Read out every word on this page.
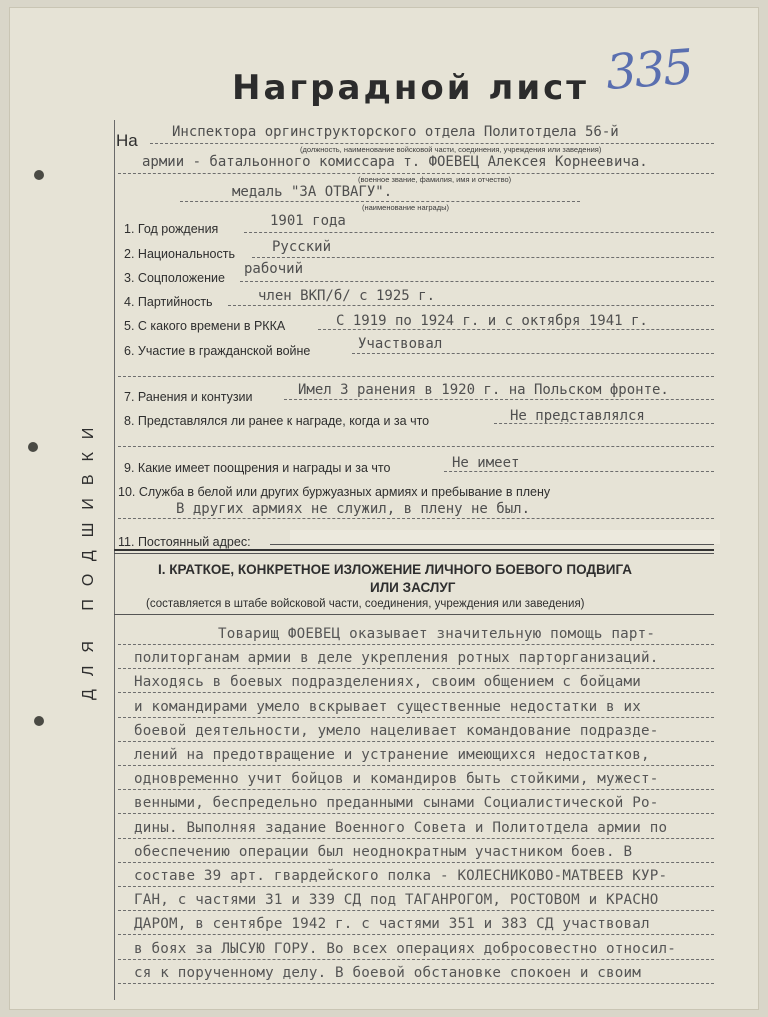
ДЛЯ ПОДШИВКИ
Наградной лист 335
На Инспектора оргинструкторского отдела Политотдела 56-й
(должность, наименование войсковой части, соединения, учреждения или заведения)
армии - батальонного комиссара т. ФОЕВЕЦ Алексея Корнеевича.
(военное звание, фамилия, имя и отчество)
медаль "ЗА ОТВАГУ".
(наименование награды)
1. Год рождения	1901 года
2. Национальность	Русский
3. Соцположение
рабочий
4. Партийность	член ВКП/б/ с 1925 г.
5. С какого времени в РККА	С 1919 по 1924 г. и с октября 1941 г.
6. Участие в гражданской войне	Участвовал
7. Ранения и контузии	Имел 3 ранения в 1920 г. на Польском фронте.
8. Представлялся ли ранее к награде, когда и за что	Не представлялся
9. Какие имеет поощрения и награды и за что	Не имеет
10. Служба в белой или других буржуазных армиях и пребывание в плену
В других армиях не служил, в плену не был.
11. Постоянный адрес:
I. КРАТКОЕ, КОНКРЕТНОЕ ИЗЛОЖЕНИЕ ЛИЧНОГО БОЕВОГО ПОДВИГА
ИЛИ ЗАСЛУГ
(составляется в штабе войсковой части, соединения, учреждения или заведения)
Товарищ ФОЕВЕЦ оказывает значительную помощь парт-
политорганам армии в деле укрепления ротных парторганизаций.
Находясь в боевых подразделениях, своим общением с бойцами
и командирами умело вскрывает существенные недостатки в их
боевой деятельности, умело нацеливает командование подразде-
лений на предотвращение и устранение имеющихся недостатков,
одновременно учит бойцов и командиров быть стойкими, мужест-
венными, беспредельно преданными сынами Социалистической Ро-
дины. Выполняя задание Военного Совета и Политотдела армии по
обеспечению операции был неоднократным участником боев. В
составе 39 арт. гвардейского полка - КОЛЕСНИКОВО-МАТВЕЕВ КУР-
ГАН, с частями 31 и 339 СД под ТАГАНРОГОМ, РОСТОВОМ и КРАСНО
ДАРОМ, в сентябре 1942 г. с частями 351 и 383 СД участвовал
в боях за ЛЫСУЮ ГОРУ. Во всех операциях добросовестно относил-
ся к порученному делу. В боевой обстановке спокоен и своим
